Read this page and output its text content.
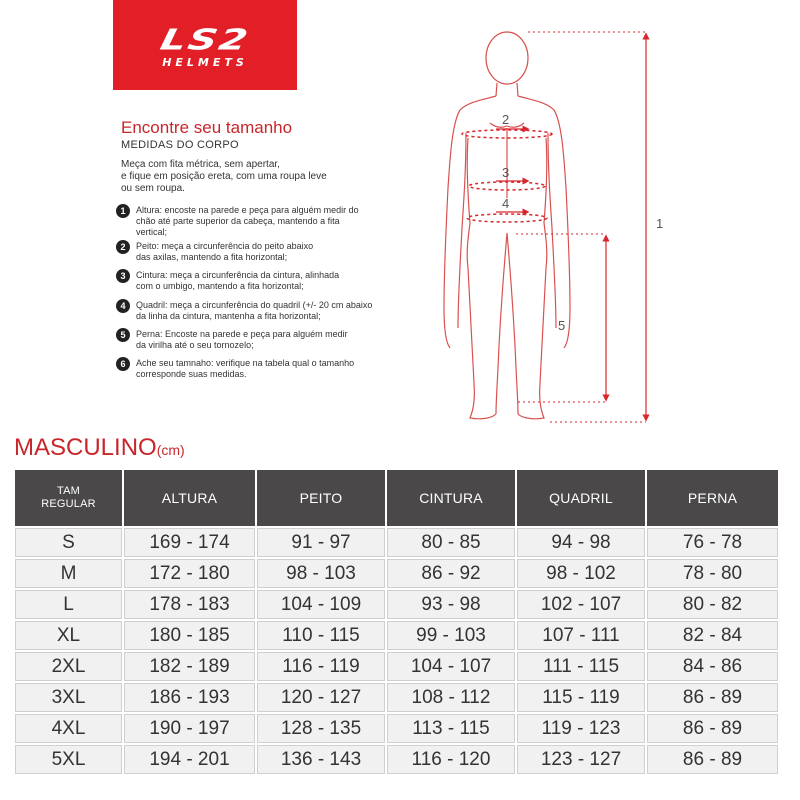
LS2
HELMETS
Encontre seu tamanho
MEDIDAS DO CORPO
Meça com fita métrica, sem apertar,
e fique em posição ereta, com uma roupa leve
ou sem roupa.
1	Altura: encoste na parede e peça para alguém medir do
chão até parte superior da cabeça, mantendo a fita
vertical;
2	Peito: meça a circunferência do peito abaixo
das axilas, mantendo a fita horizontal;
3	Cintura: meça a circunferência da cintura, alinhada
com o umbigo, mantendo a fita horizontal;
4	Quadril: meça a circunferência do quadril (+/- 20 cm abaixo
da linha da cintura, mantenha a fita horizontal;
5	Perna: Encoste na parede e peça para alguém medir
da virilha até o seu tornozelo;
6	Ache seu tamnaho: verifique na tabela qual o tamanho
corresponde suas medidas.
1
2
3
4
5
MASCULINO(cm)
TAM
REGULAR	ALTURA	PEITO	CINTURA	QUADRIL	PERNA
S	169 - 174	91 - 97	80 - 85	94 - 98	76 - 78
M	172 - 180	98 - 103	86 - 92	98 - 102	78 - 80
L	178 - 183	104 - 109	93 - 98	102 - 107	80 - 82
XL	180 - 185	110 - 115	99 - 103	107 - 111	82 - 84
2XL	182 - 189	116 - 119	104 - 107	111 - 115	84 - 86
3XL	186 - 193	120 - 127	108 - 112	115 - 119	86 - 89
4XL	190 - 197	128 - 135	113 - 115	119 - 123	86 - 89
5XL	194 - 201	136 - 143	116 - 120	123 - 127	86 - 89
